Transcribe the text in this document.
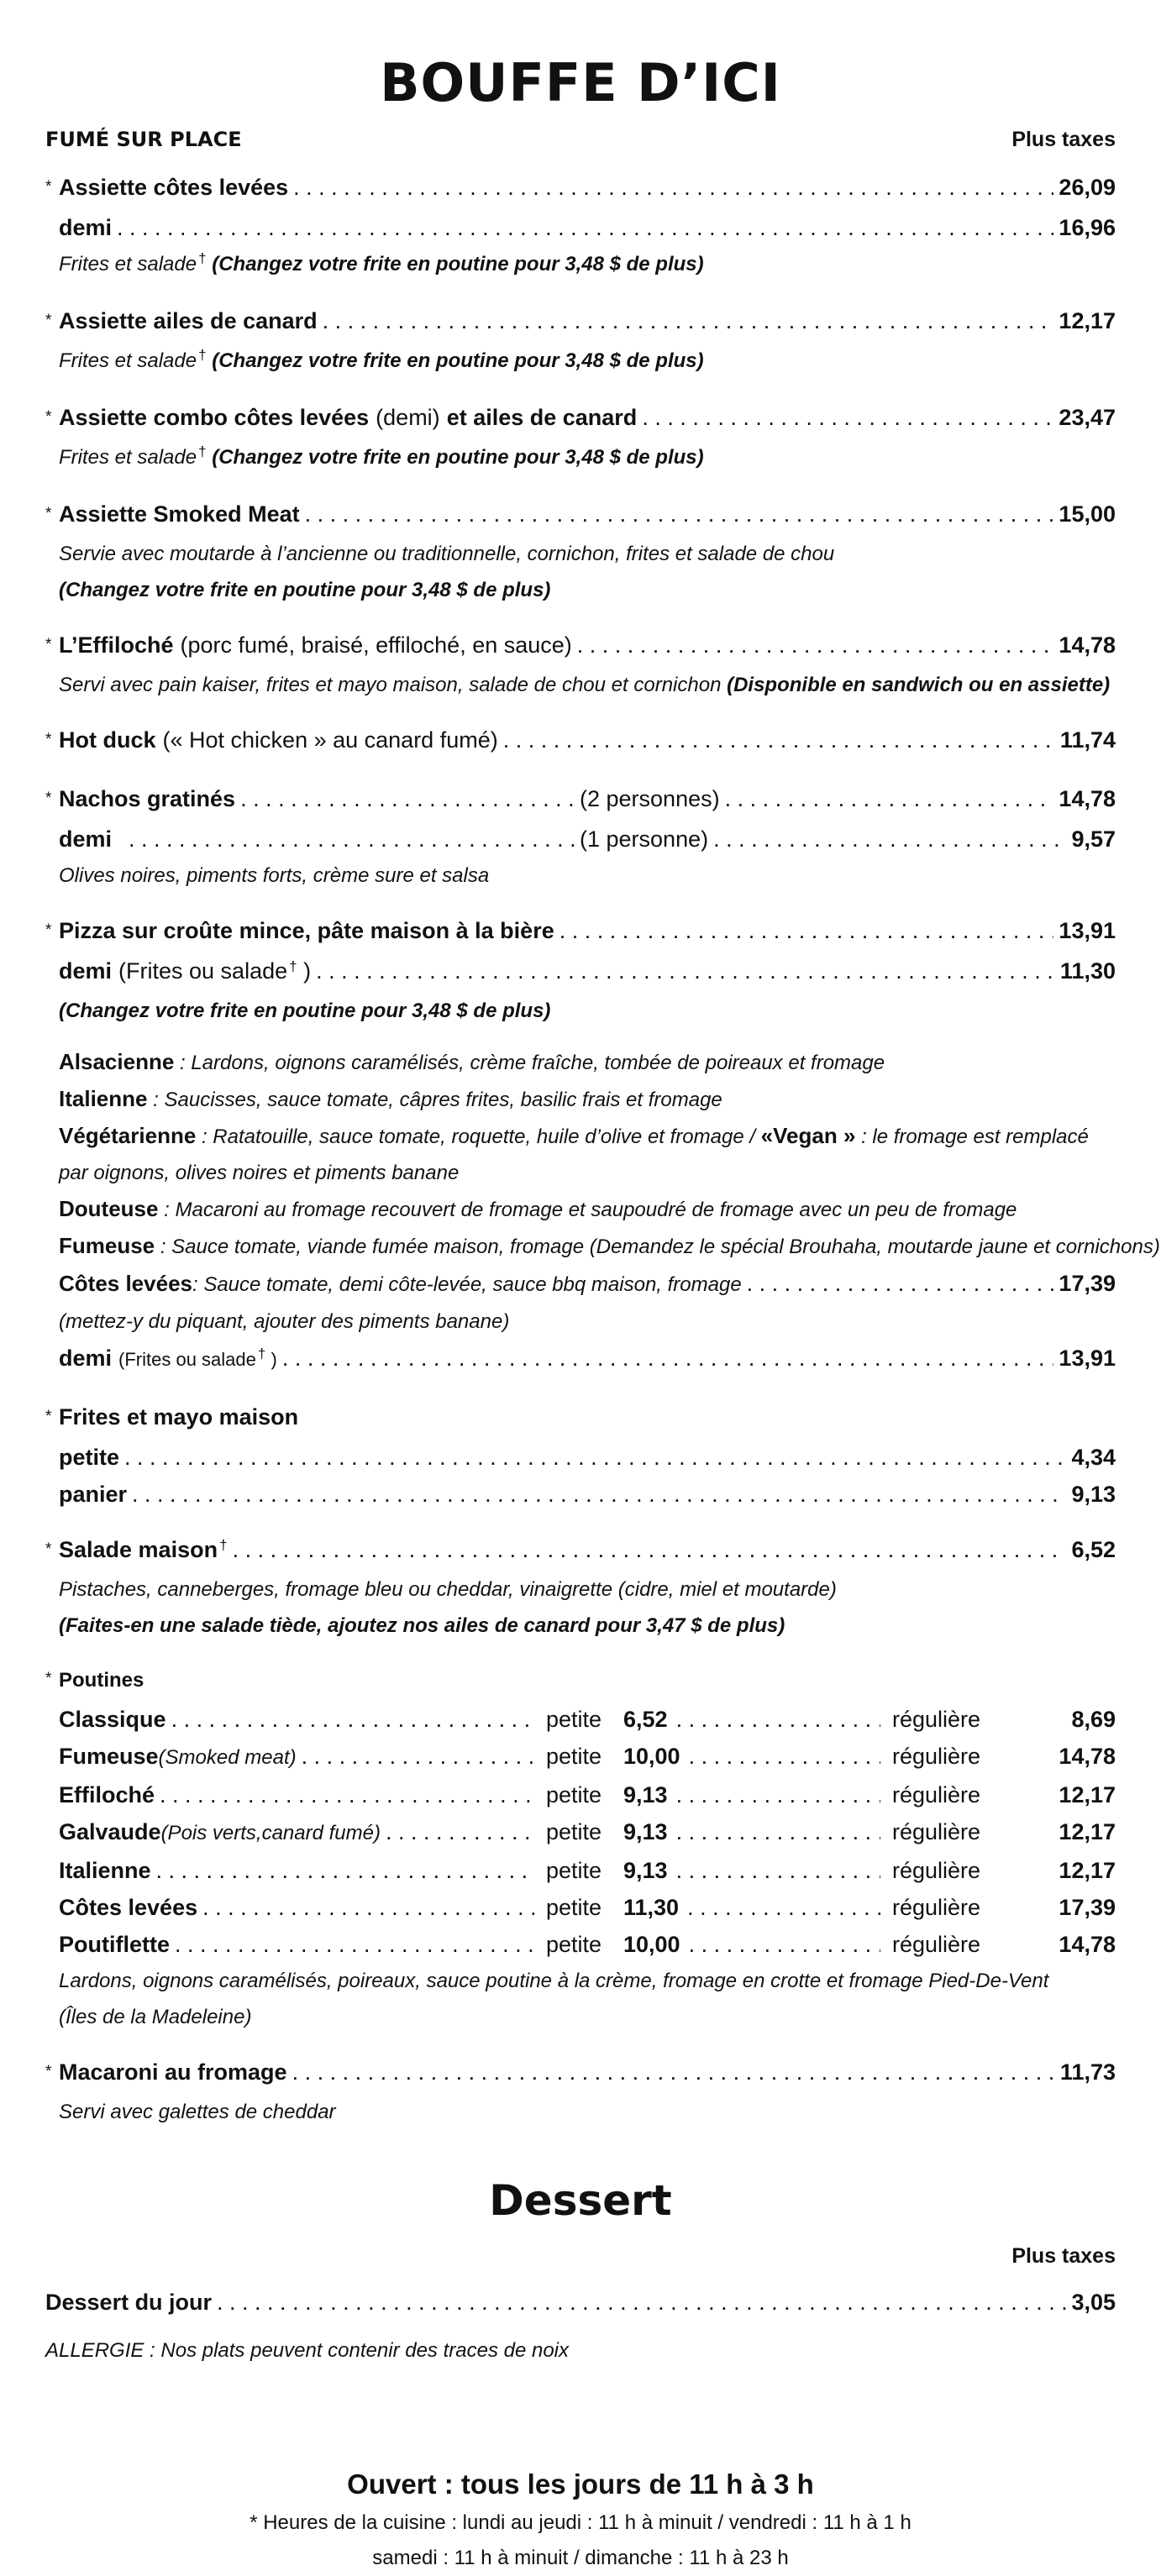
BOUFFE D’ICI
FUMÉ SUR PLACE	Plus taxes
* Assiette côtes levées . . .	26,09
demi . . .	16,96
Frites et salade † (Changez votre frite en poutine pour 3,48 $ de plus)
* Assiette ailes de canard . . .	12,17
Frites et salade † (Changez votre frite en poutine pour 3,48 $ de plus)
* Assiette combo côtes levées (demi) et ailes de canard . . .	23,47
Frites et salade † (Changez votre frite en poutine pour 3,48 $ de plus)
* Assiette Smoked Meat . . .	15,00
Servie avec moutarde à l’ancienne ou traditionnelle, cornichon, frites et salade de chou
(Changez votre frite en poutine pour 3,48 $ de plus)
* L’Effiloché (porc fumé, braisé, effiloché, en sauce) . . .	14,78
Servi avec pain kaiser, frites et mayo maison, salade de chou et cornichon (Disponible en sandwich ou en assiette)
* Hot duck (« Hot chicken » au canard fumé) . . .	11,74
* Nachos gratinés . . .	(2 personnes) . . .	14,78
demi . . .	(1 personne) . . .	9,57
Olives noires, piments forts, crème sure et salsa
* Pizza sur croûte mince, pâte maison à la bière . . .	13,91
demi (Frites ou salade † ) . . .	11,30
(Changez votre frite en poutine pour 3,48 $ de plus)
Alsacienne : Lardons, oignons caramélisés, crème fraîche, tombée de poireaux et fromage
Italienne : Saucisses, sauce tomate, câpres frites, basilic frais et fromage
Végétarienne : Ratatouille, sauce tomate, roquette, huile d’olive et fromage / «Vegan » : le fromage est remplacé par oignons, olives noires et piments banane
Douteuse : Macaroni au fromage recouvert de fromage et saupoudré de fromage avec un peu de fromage
Fumeuse : Sauce tomate, viande fumée maison, fromage (Demandez le spécial Brouhaha, moutarde jaune et cornichons)
Côtes levées : Sauce tomate, demi côte-levée, sauce bbq maison, fromage . . .	17,39
(mettez-y du piquant, ajouter des piments banane)
demi (Frites ou salade † ) . . .	13,91
* Frites et mayo maison
petite . . .	4,34
panier . . .	9,13
* Salade maison † . . .	6,52
Pistaches, canneberges, fromage bleu ou cheddar, vinaigrette (cidre, miel et moutarde)
(Faites-en une salade tiède, ajoutez nos ailes de canard pour 3,47 $ de plus)
* Poutines
Classique . . .	petite 6,52 . . .	régulière	8,69
Fumeuse (Smoked meat) . . .	petite 10,00 . . .	régulière	14,78
Effiloché . . .	petite 9,13 . . .	régulière	12,17
Galvaude (Pois verts,canard fumé) . . .	petite 9,13 . . .	régulière	12,17
Italienne . . .	petite 9,13 . . .	régulière	12,17
Côtes levées . . .	petite 11,30 . . .	régulière	17,39
Poutiflette . . .	petite 10,00 . . .	régulière	14,78
Lardons, oignons caramélisés, poireaux, sauce poutine à la crème, fromage en crotte et fromage Pied-De-Vent
(Îles de la Madeleine)
* Macaroni au fromage . . .	11,73
Servi avec galettes de cheddar
Dessert
Plus taxes
Dessert du jour . . .	3,05
ALLERGIE : Nos plats peuvent contenir des traces de noix
Ouvert : tous les jours de 11 h à 3 h
* Heures de la cuisine : lundi au jeudi : 11 h à minuit / vendredi : 11 h à 1 h
samedi : 11 h à minuit / dimanche : 11 h à 23 h
